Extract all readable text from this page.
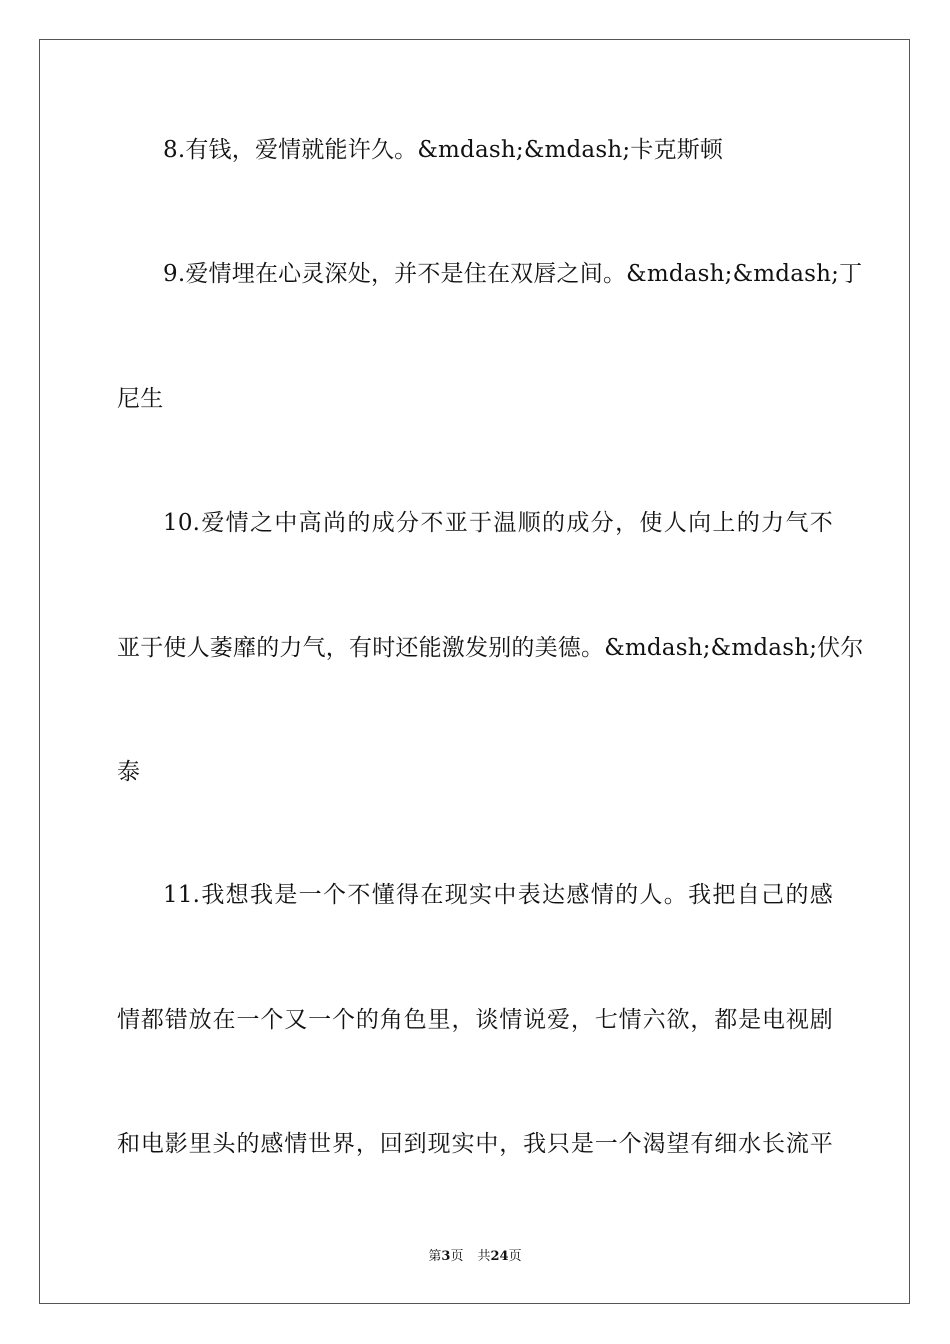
8.有钱，爱情就能许久。&mdash;&mdash;卡克斯顿
9.爱情埋在心灵深处，并不是住在双唇之间。&mdash;&mdash;丁
尼生
10.爱情之中高尚的成分不亚于温顺的成分，使人向上的力气不
亚于使人萎靡的力气，有时还能激发别的美德。&mdash;&mdash;伏尔
泰
11.我想我是一个不懂得在现实中表达感情的人。我把自己的感
情都错放在一个又一个的角色里，谈情说爱，七情六欲，都是电视剧
和电影里头的感情世界，回到现实中，我只是一个渴望有细水长流平
第3页 共24页
